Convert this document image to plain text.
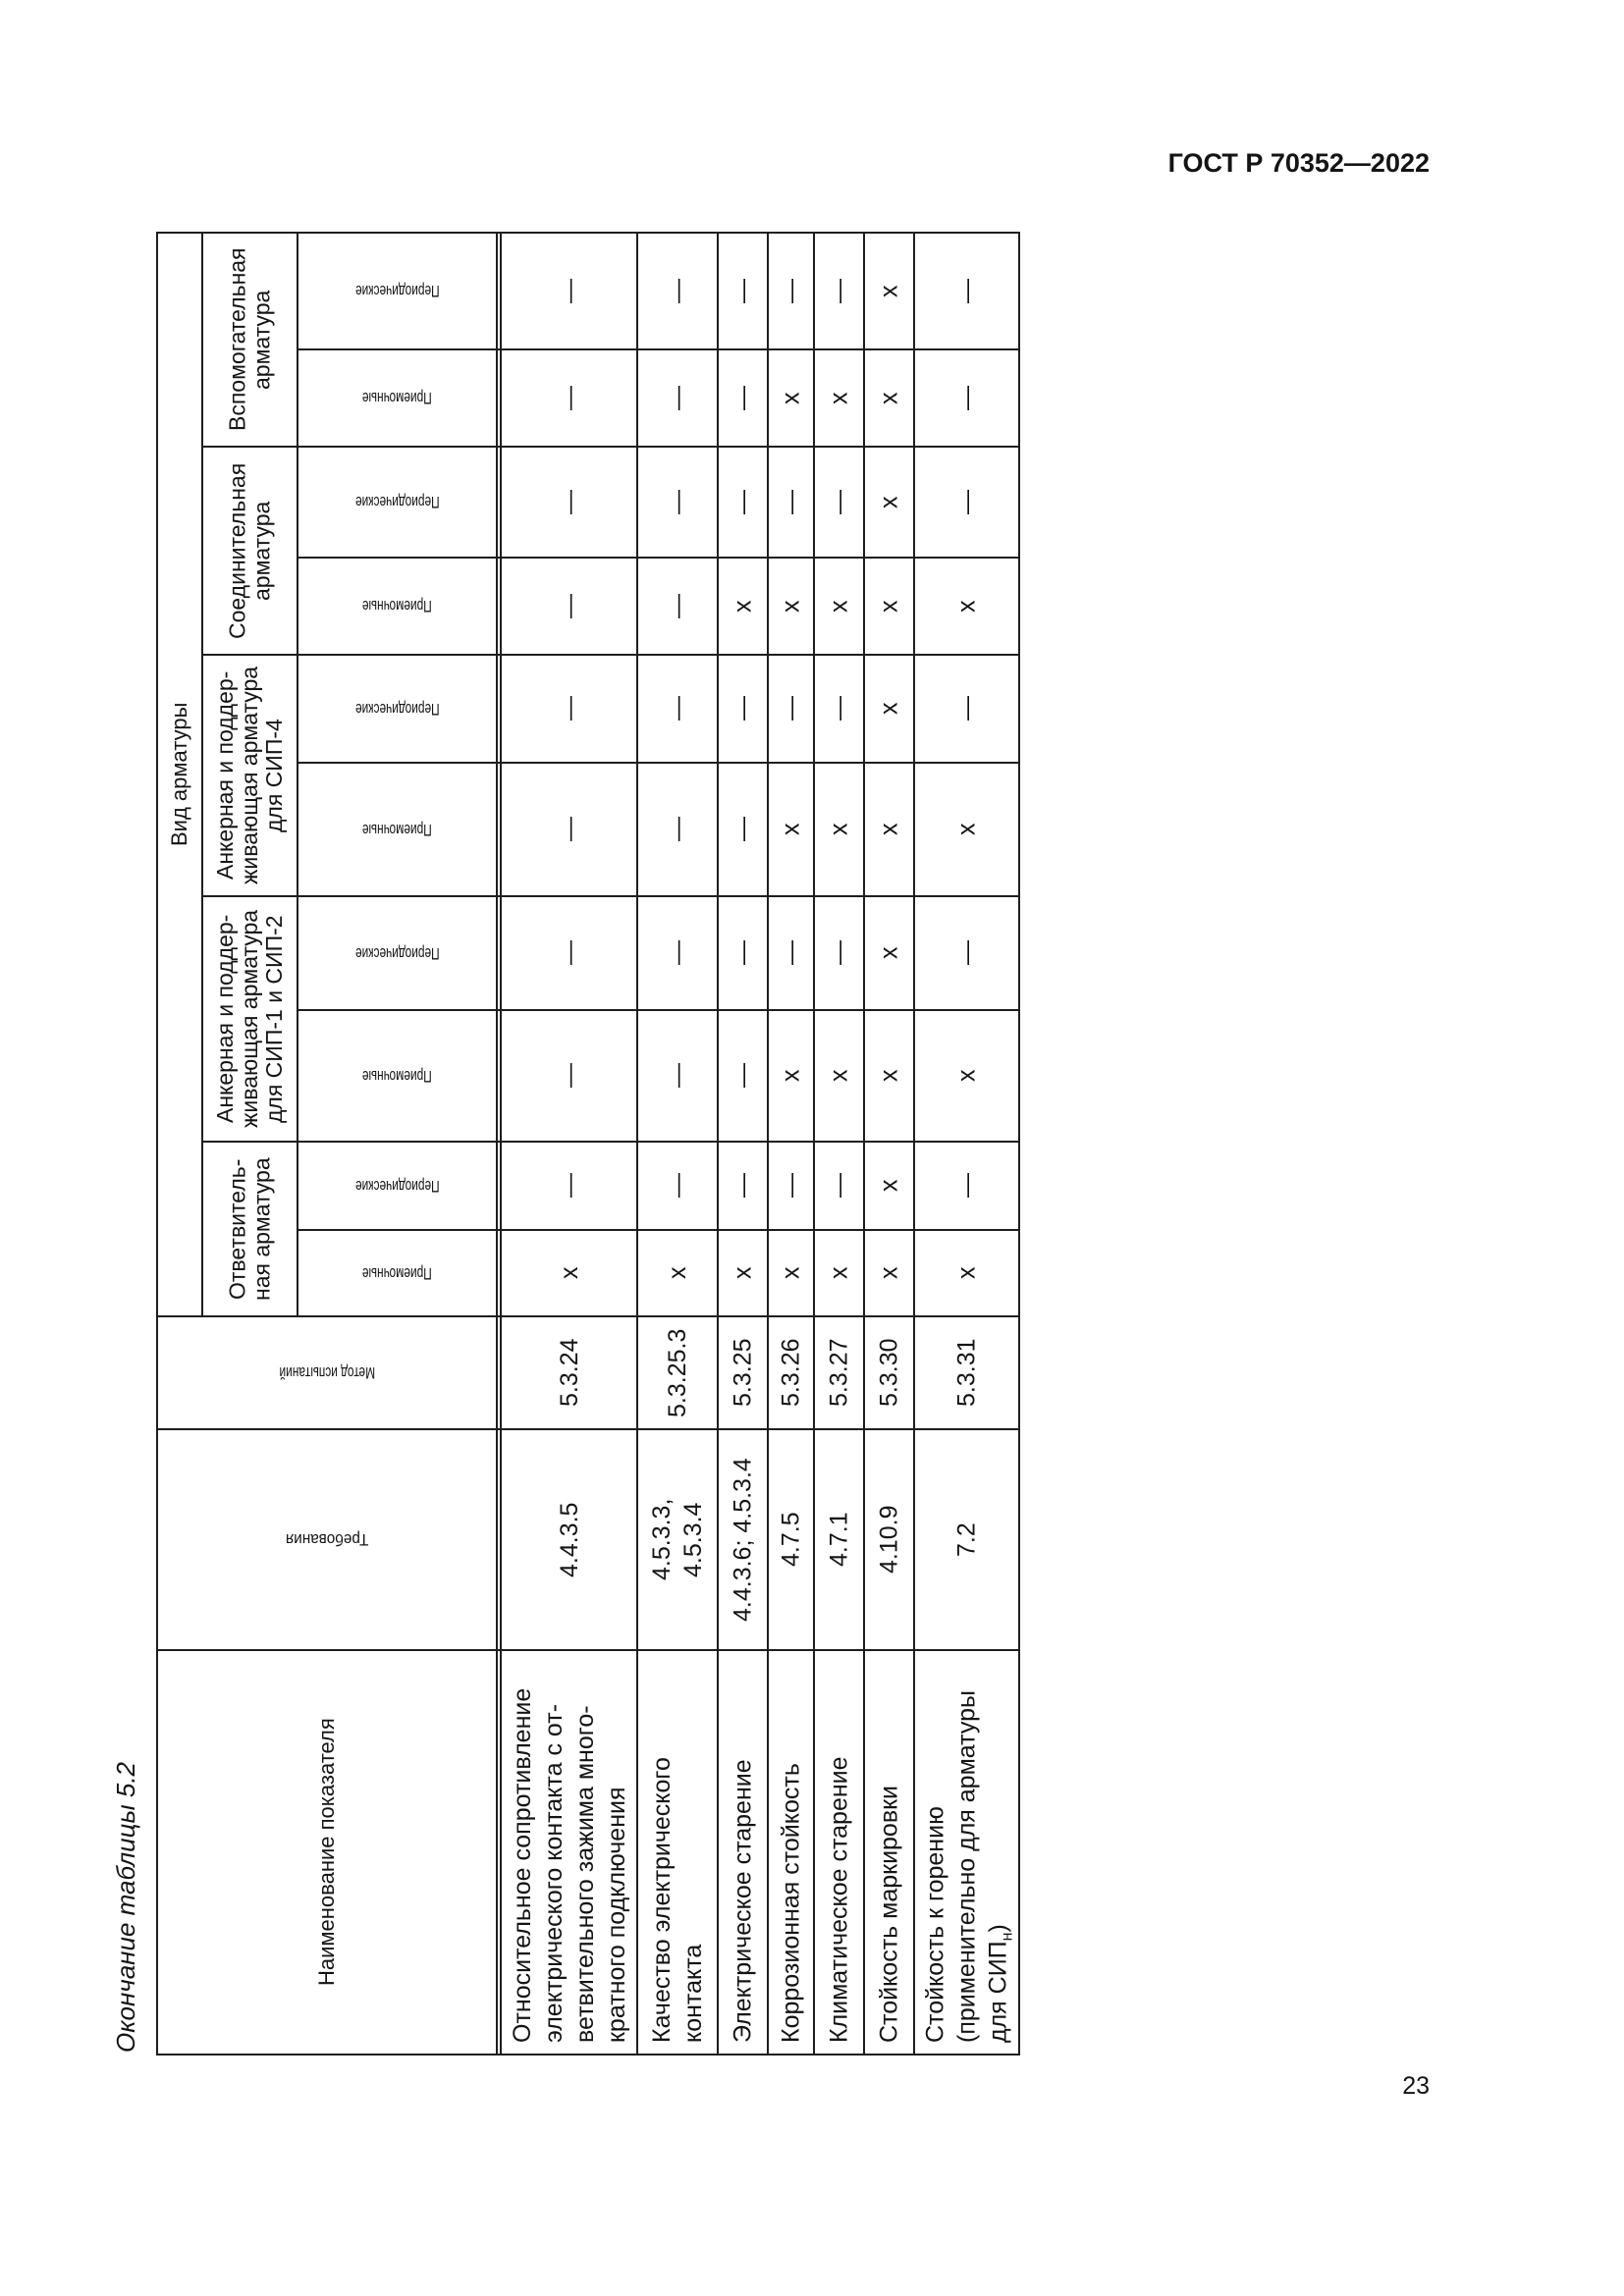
ГОСТ Р 70352—2022
Окончание таблицы 5.2
Вид арматуры
Ответвитель-
ная арматура
Анкерная и поддер-
живающая арматура
для СИП-1 и СИП-2
Анкерная и поддер-
живающая арматура
для СИП-4
Соединительная
арматура
Вспомогательная
арматура
Приемочные
Периодические
Приемочные
Периодические
Приемочные
Периодические
Приемочные
Периодические
Приемочные
Периодические
Метод испытаний
Требования
Наименование показателя	Относительное сопротивление
электрического контакта с от-
ветвительного зажима много-
кратного подключения
4.4.3.5
5.3.24
x
—
—
—
—
—
—
—
—
—
Качество электрического
контакта
4.5.3.3,
4.5.3.4
5.3.25.3
x
—
—
—
—
—
—
—
—
—
Электрическое старение
4.4.3.6; 4.5.3.4
5.3.25
x
—
—
—
—
—
x
—
—
—
Коррозионная стойкость
4.7.5
5.3.26
x
—
x
—
x
—
x
—
x
—
Климатическое старение
4.7.1
5.3.27
x
—
x
—
x
—
x
—
x
—
Стойкость маркировки
4.10.9
5.3.30
x
x
x
x
x
x
x
x
x
x
Стойкость к горению
(применительно для арматуры
для $СИП_н$)
7.2
5.3.31
x
—
x
—
x
—
x
—
—
—
23
